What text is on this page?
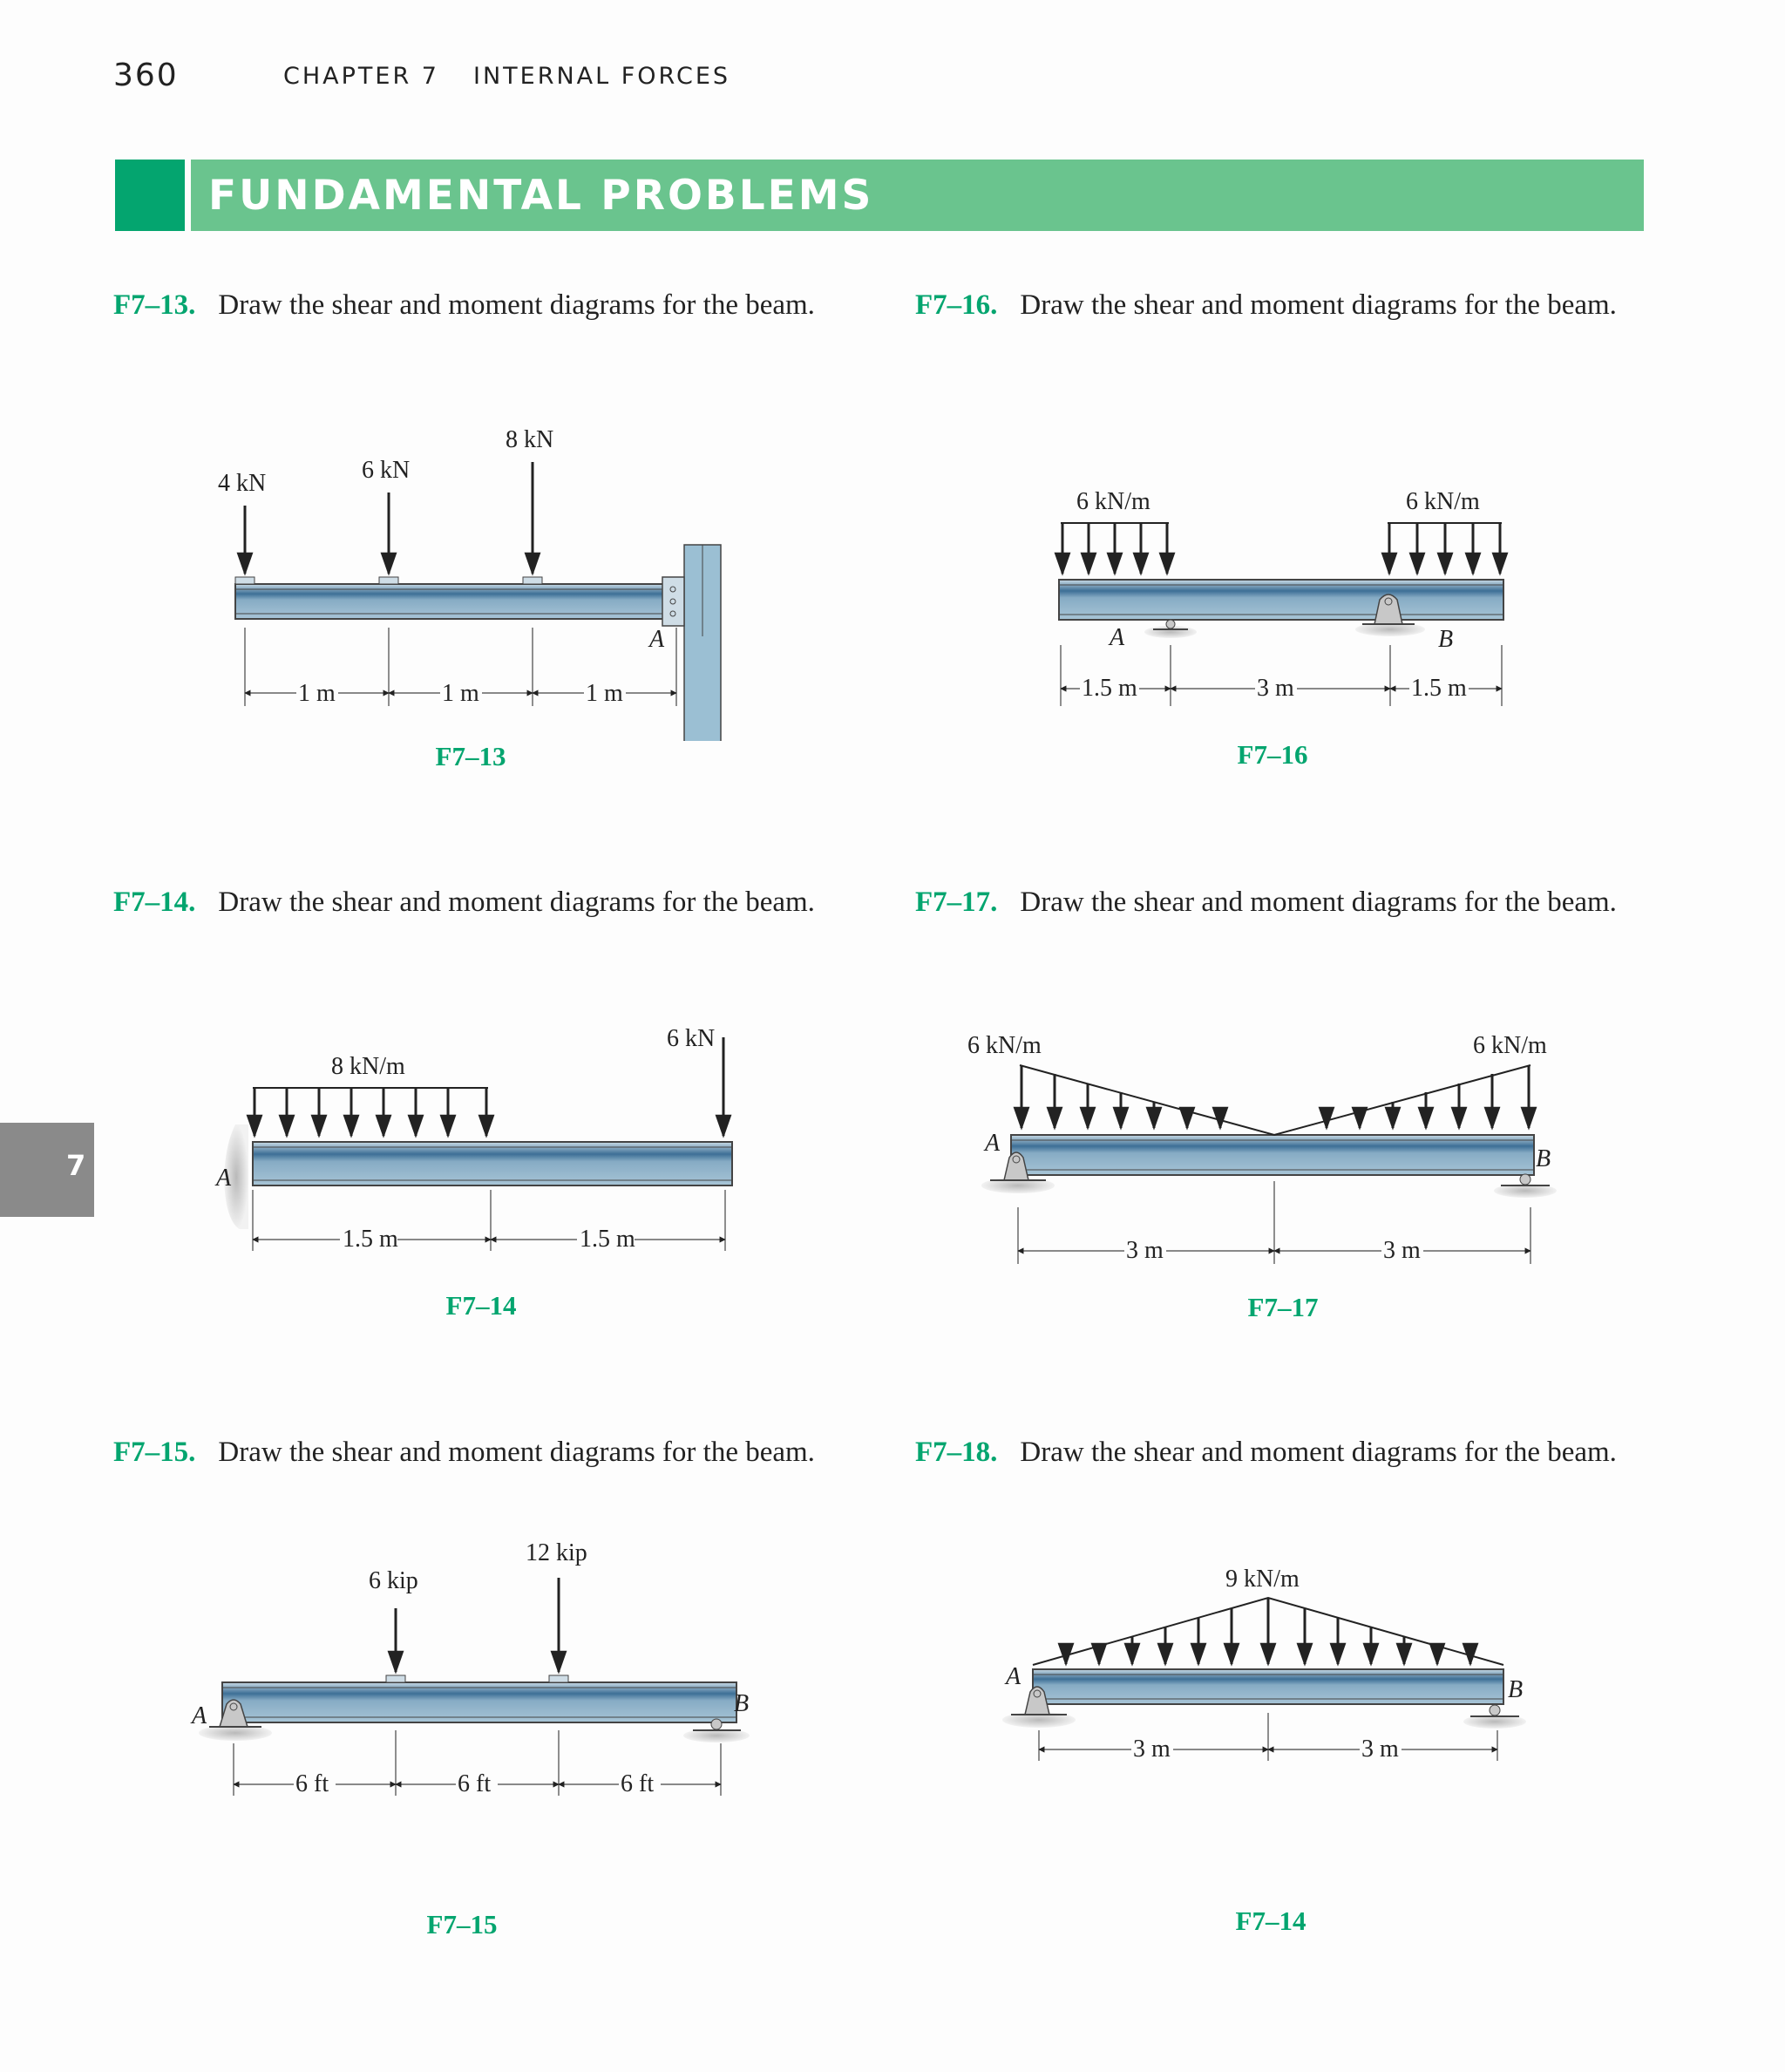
360	CHAPTER 7 INTERNAL FORCES
FUNDAMENTAL PROBLEMS
7
F7–13. Draw the shear and moment diagrams for the beam.
F7–14. Draw the shear and moment diagrams for the beam.
F7–15. Draw the shear and moment diagrams for the beam.
F7–16. Draw the shear and moment diagrams for the beam.
F7–17. Draw the shear and moment diagrams for the beam.
F7–18. Draw the shear and moment diagrams for the beam.
4 kN	6 kN
8 kN
A
1 m	1 m	1 m
F7–13
8 kN/m
6 kN
A
1.5 m	1.5 m
F7–14
6 kip
12 kip
A	B
6 ft	6 ft	6 ft
F7–15
6 kN/m	6 kN/m
A	B
1.5 m	3 m	1.5 m
F7–16
6 kN/m	6 kN/m
A
B
3 m	3 m
F7–17
9 kN/m
A	B
3 m	3 m
F7–14
